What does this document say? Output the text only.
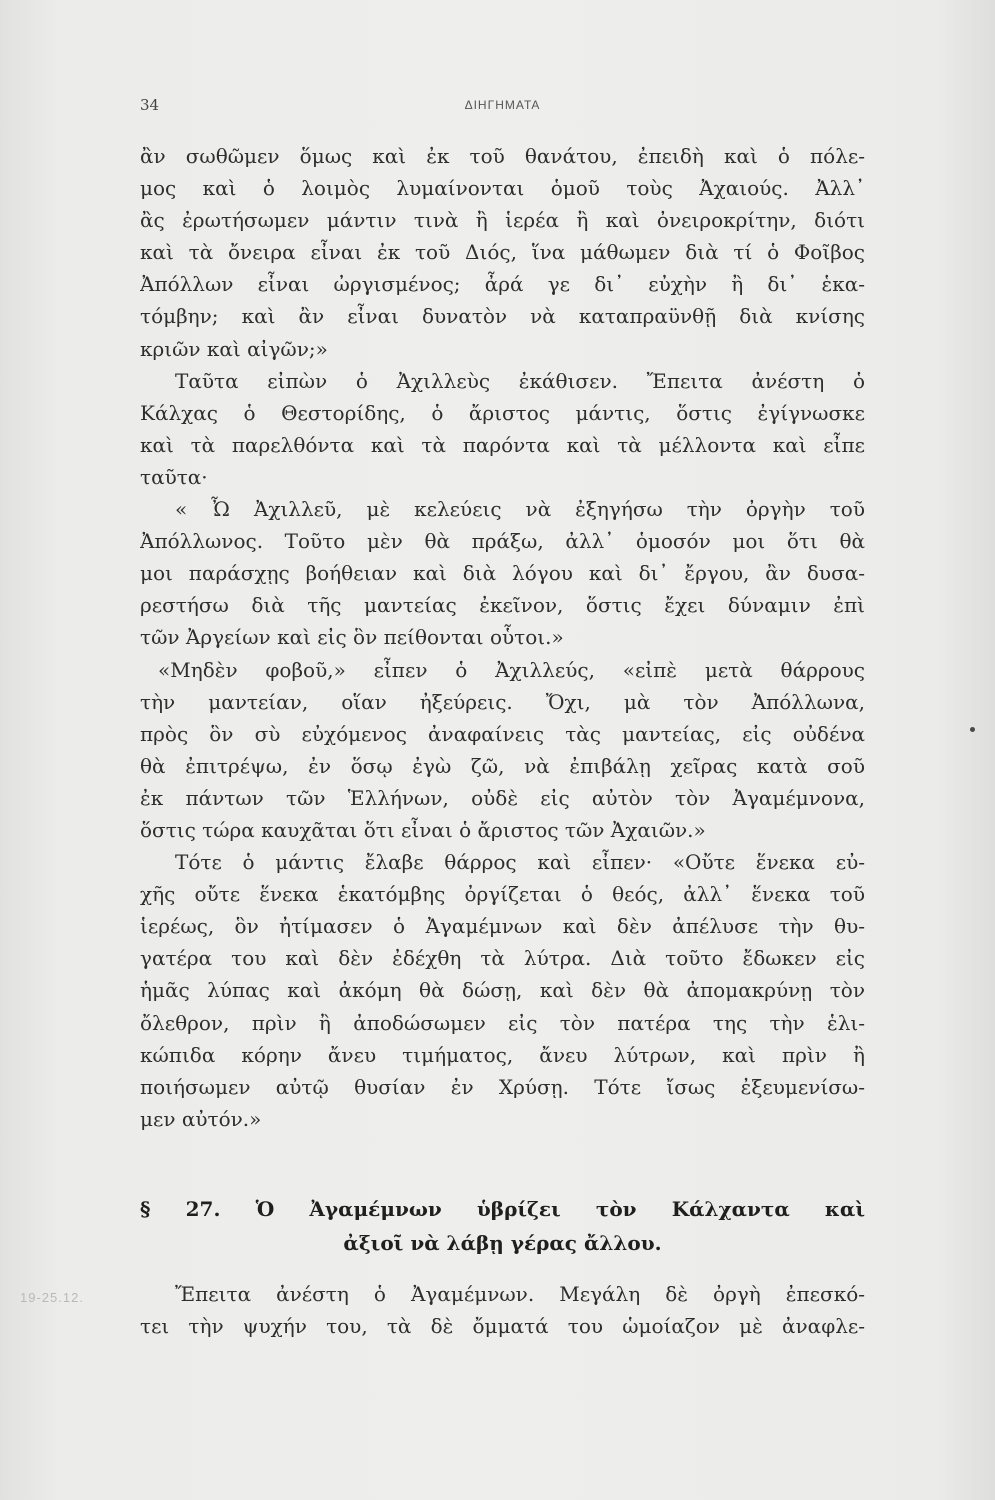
34	ΔΙΗΓΗΜΑΤΑ
ἂν σωθῶμεν ὅμως καὶ ἐκ τοῦ θανάτου, ἐπειδὴ καὶ ὁ πόλε-
μος καὶ ὁ λοιμὸς λυμαίνονται ὁμοῦ τοὺς Ἀχαιούς. Ἀλλ᾽
ἂς ἐρωτήσωμεν μάντιν τινὰ ἢ ἱερέα ἢ καὶ ὀνειροκρίτην, διότι
καὶ τὰ ὄνειρα εἶναι ἐκ τοῦ Διός, ἵνα μάθωμεν διὰ τί ὁ Φοῖβος
Ἀπόλλων εἶναι ὠργισμένος; ἆρά γε δι᾽ εὐχὴν ἢ δι᾽ ἑκα-
τόμβην; καὶ ἂν εἶναι δυνατὸν νὰ καταπραϋνθῇ διὰ κνίσης
κριῶν καὶ αἰγῶν;»
Ταῦτα εἰπὼν ὁ Ἀχιλλεὺς ἐκάθισεν. Ἔπειτα ἀνέστη ὁ
Κάλχας ὁ Θεστορίδης, ὁ ἄριστος μάντις, ὅστις ἐγίγνωσκε
καὶ τὰ παρελθόντα καὶ τὰ παρόντα καὶ τὰ μέλλοντα καὶ εἶπε
ταῦτα·
« Ὦ Ἀχιλλεῦ, μὲ κελεύεις νὰ ἐξηγήσω τὴν ὀργὴν τοῦ
Ἀπόλλωνος. Τοῦτο μὲν θὰ πράξω, ἀλλ᾽ ὁμοσόν μοι ὅτι θὰ
μοι παράσχῃς βοήθειαν καὶ διὰ λόγου καὶ δι᾽ ἔργου, ἂν δυσα-
ρεστήσω διὰ τῆς μαντείας ἐκεῖνον, ὅστις ἔχει δύναμιν ἐπὶ
τῶν Ἀργείων καὶ εἰς ὃν πείθονται οὗτοι.»
«Μηδὲν φοβοῦ,» εἶπεν ὁ Ἀχιλλεύς, «εἰπὲ μετὰ θάρρους
τὴν μαντείαν, οἵαν ἠξεύρεις. Ὄχι, μὰ τὸν Ἀπόλλωνα,
πρὸς ὃν σὺ εὐχόμενος ἀναφαίνεις τὰς μαντείας, εἰς οὐδένα
θὰ ἐπιτρέψω, ἐν ὅσῳ ἐγὼ ζῶ, νὰ ἐπιβάλῃ χεῖρας κατὰ σοῦ
ἐκ πάντων τῶν Ἑλλήνων, οὐδὲ εἰς αὐτὸν τὸν Ἀγαμέμνονα,
ὅστις τώρα καυχᾶται ὅτι εἶναι ὁ ἄριστος τῶν Ἀχαιῶν.»
Τότε ὁ μάντις ἔλαβε θάρρος καὶ εἶπεν· «Οὔτε ἕνεκα εὐ-
χῆς οὔτε ἕνεκα ἑκατόμβης ὀργίζεται ὁ θεός, ἀλλ᾽ ἕνεκα τοῦ
ἱερέως, ὃν ἠτίμασεν ὁ Ἀγαμέμνων καὶ δὲν ἀπέλυσε τὴν θυ-
γατέρα του καὶ δὲν ἐδέχθη τὰ λύτρα. Διὰ τοῦτο ἔδωκεν εἰς
ἡμᾶς λύπας καὶ ἀκόμη θὰ δώσῃ, καὶ δὲν θὰ ἀπομακρύνῃ τὸν
ὄλεθρον, πρὶν ἢ ἀποδώσωμεν εἰς τὸν πατέρα της τὴν ἑλι-
κώπιδα κόρην ἄνευ τιμήματος, ἄνευ λύτρων, καὶ πρὶν ἢ
ποιήσωμεν αὐτῷ θυσίαν ἐν Χρύσῃ. Τότε ἴσως ἐξευμενίσω-
μεν αὐτόν.»
§ 27. Ὁ Ἀγαμέμνων ὑβρίζει τὸν Κάλχαντα καὶ
ἀξιοῖ νὰ λάβῃ γέρας ἄλλου.
Ἔπειτα ἀνέστη ὁ Ἀγαμέμνων. Μεγάλη δὲ ὀργὴ ἐπεσκό-
τει τὴν ψυχήν του, τὰ δὲ ὄμματά του ὡμοίαζον μὲ ἀναφλε-
19-25.12.
